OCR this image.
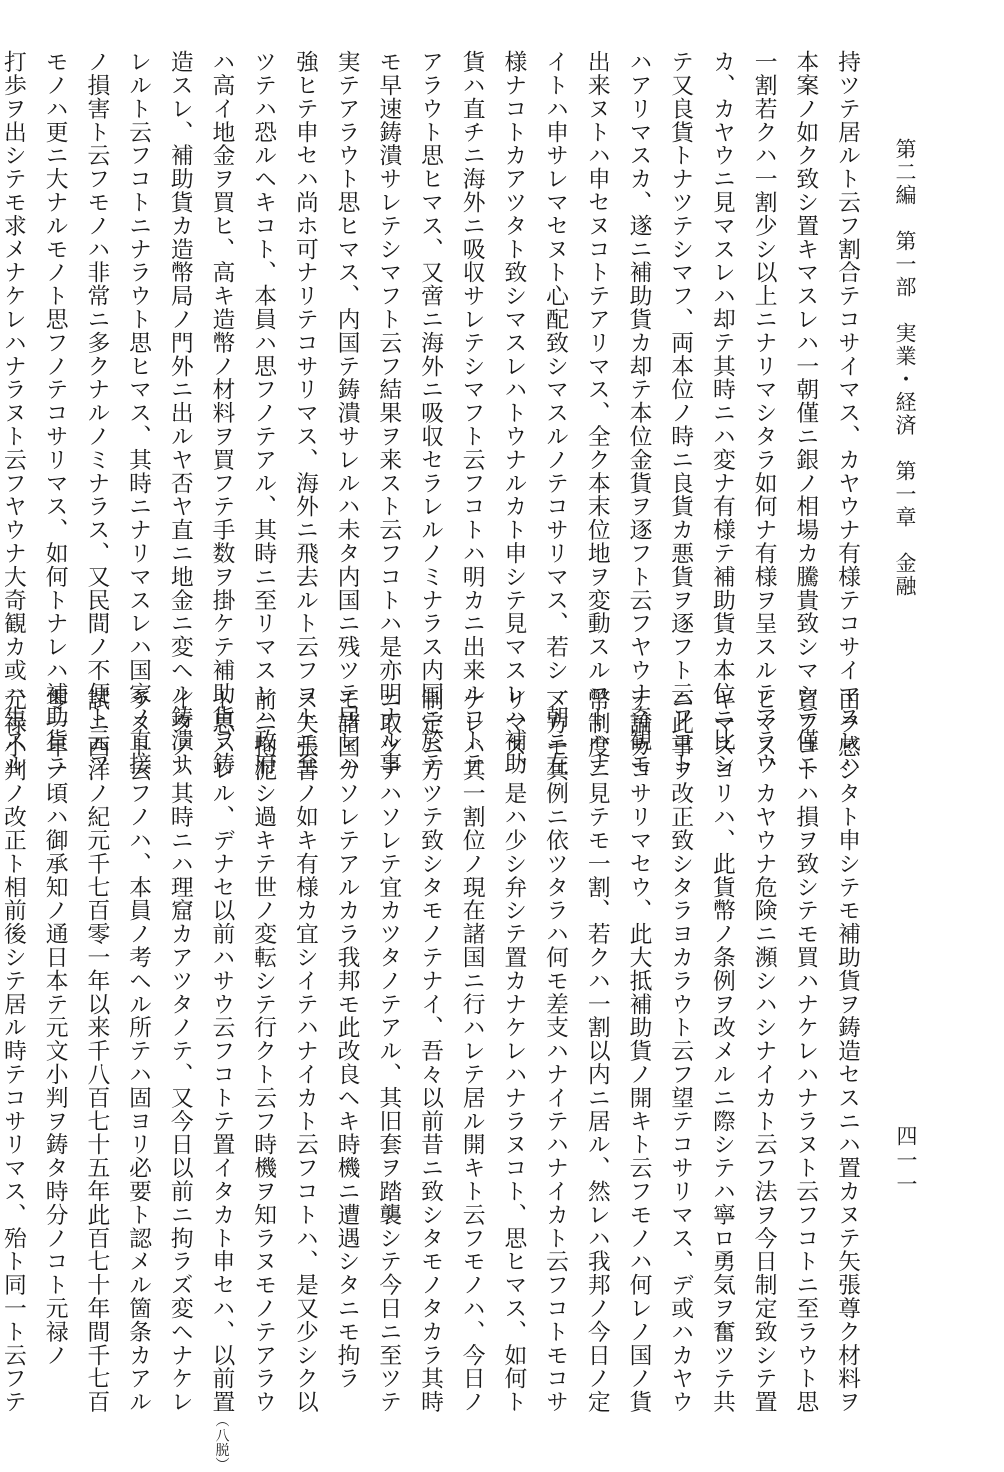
第二編　第一部　実業・経済　第一章　金融
四一一
持ツテ居ルト云フ割合テコサイマス、カヤウナ有様テコサイマスレハ
本案ノ如ク致シ置キマスレハ一朝僅ニ銀ノ相場カ騰貴致シマシテ僅ニ
一割若クハ一割少シ以上ニナリマシタラ如何ナ有様ヲ呈スルテアラウ
カ、カヤウニ見マスレハ却テ其時ニハ変ナ有様テ補助貨カ本位ニ比シ
テ又良貨トナツテシマフ、両本位ノ時ニ良貨カ悪貨ヲ逐フト云フコト
ハアリマスカ、遂ニ補助貨カ却テ本位金貨ヲ逐フト云フヤウナ奇観モ
出来ヌトハ申セヌコトテアリマス、全ク本末位地ヲ変動スルコトハナ
イトハ申サレマセヌト心配致シマスルノテコサリマス、若シ一朝ニ左
様ナコトカアツタト致シマスレハトウナルカト申シテ見マスレハ補助
貨ハ直チニ海外ニ吸収サレテシマフト云フコトハ明カニ出来ルコトテ
アラウト思ヒマス、又啻ニ海外ニ吸収セラレルノミナラス内国ニ於テ
モ早速鋳潰サレテシマフト云フ結果ヲ来スト云フコトハ是亦明ナル事
実テアラウト思ヒマス、内国テ鋳潰サレルハ未タ内国ニ残ツテ居レハ
強ヒテ申セハ尚ホ可ナリテコサリマス、海外ニ飛去ルト云フコトニ至
ツテハ恐ルヘキコト、本員ハ思フノテアル、其時ニ至リマスレハ政府
ハ高イ地金ヲ買ヒ、高キ造幣ノ材料ヲ買フテ手数ヲ掛ケテ補助貨ヲ鋳
造スレ、補助貨カ造幣局ノ門外ニ出ルヤ否ヤ直ニ地金ニ変ヘル鋳潰サ
レルト云フコトニナラウト思ヒマス、其時ニナリマスレハ国家ノ直接
ノ損害ト云フモノハ非常ニ多クナルノミナラス、又民間ノ不便ト云フ
モノハ更ニ大ナルモノト思フノテコサリマス、如何トナレハ補助貨ニ
打歩ヲ出シテモ求メナケレハナラヌト云フヤウナ大奇観カ或ハ生スル
由ヲ感シタト申シテモ補助貨ヲ鋳造セスニハ置カヌテ矢張尊ク材料ヲ
買フコトハ損ヲ致シテモ買ハナケレハナラヌト云フコトニ至ラウト思
ヒマス、カヤウナ危険ニ瀕シハシナイカト云フ法ヲ今日制定致シテ置
キマスヨリハ、此貨幣ノ条例ヲ改メルニ際シテハ寧ロ勇気ヲ奮ツテ共
ニ此事ヲ改正致シタラヨカラウト云フ望テコサリマス、デ或ハカヤウ
ナ論カコサリマセウ、此大抵補助貨ノ開キト云フモノハ何レノ国ノ貨
幣制度ニ見テモ一割、若クハ一割以内ニ居ル、然レハ我邦ノ今日ノ定
メ方モ其例ニ依ツタラハ何モ差支ハナイテハナイカト云フコトモコサ
リマス、是ハ少シ弁シテ置カナケレハナラヌコト、思ヒマス、如何ト
ナレハ其一割位ノ現在諸国ニ行ハレテ居ル開キト云フモノハ、今日ノ
制定ニ方ツテ致シタモノテナイ、吾々以前昔ニ致シタモノタカラ其時
ニ取ツテハソレテ宜カツタノテアル、其旧套ヲ踏襲シテ今日ニ至ツテ
モ諸国カソレテアルカラ我邦モ此改良ヘキ時機ニ遭遇シタニモ拘ラ
ス矢張昔ノ如キ有様カ宜シイテハナイカト云フコトハ、是又少シク以
前ニ拘泥シ過キテ世ノ変転シテ行クト云フ時機ヲ知ラヌモノテアラウ
ト思ハレル、デナセ以前ハサウ云フコトテ置イタカト申セハ、以前置$^{(八脱)}$
イタノハ其時ニハ理窟カアツタノテ、又今日以前ニ拘ラズ変ヘナケレ
ラヌト云フノハ、本員ノ考ヘル所テハ固ヨリ必要ト認メル箇条カアル
試ニ西洋ノ紀元千七百零一年以来千八百七十五年此百七十年間千七百
零一年ノ頃ハ御承知ノ通日本テ元文小判ヲ鋳タ時分ノコト元禄ノ
元禄小判ノ改正ト相前後シテ居ル時テコサリマス、殆ト同一ト云フテ
